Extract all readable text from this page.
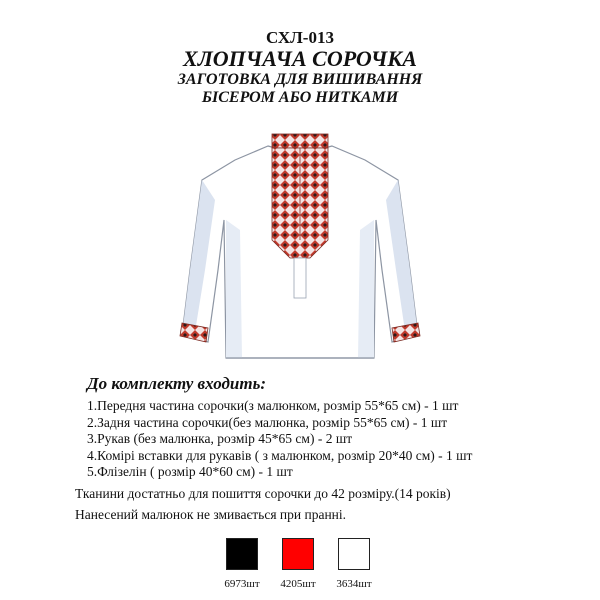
СХЛ-013
ХЛОПЧАЧА СОРОЧКА
ЗАГОТОВКА ДЛЯ ВИШИВАННЯ
БІСЕРОМ АБО НИТКАМИ
До комплекту входить:
1.Передня частина сорочки(з малюнком, розмір 55*65 см) - 1 шт
2.Задня частина сорочки(без малюнка, розмір 55*65 см) - 1 шт
3.Рукав (без малюнка, розмір 45*65 см) - 2 шт
4.Комірі вставки для рукавів ( з малюнком, розмір 20*40 см) - 1 шт
5.Флізелін ( розмір 40*60 см) - 1 шт
Тканини достатньо для пошиття сорочки до 42 розміру.(14 років)
Нанесений малюнок не змивається при пранні.
6973шт	4205шт	3634шт
